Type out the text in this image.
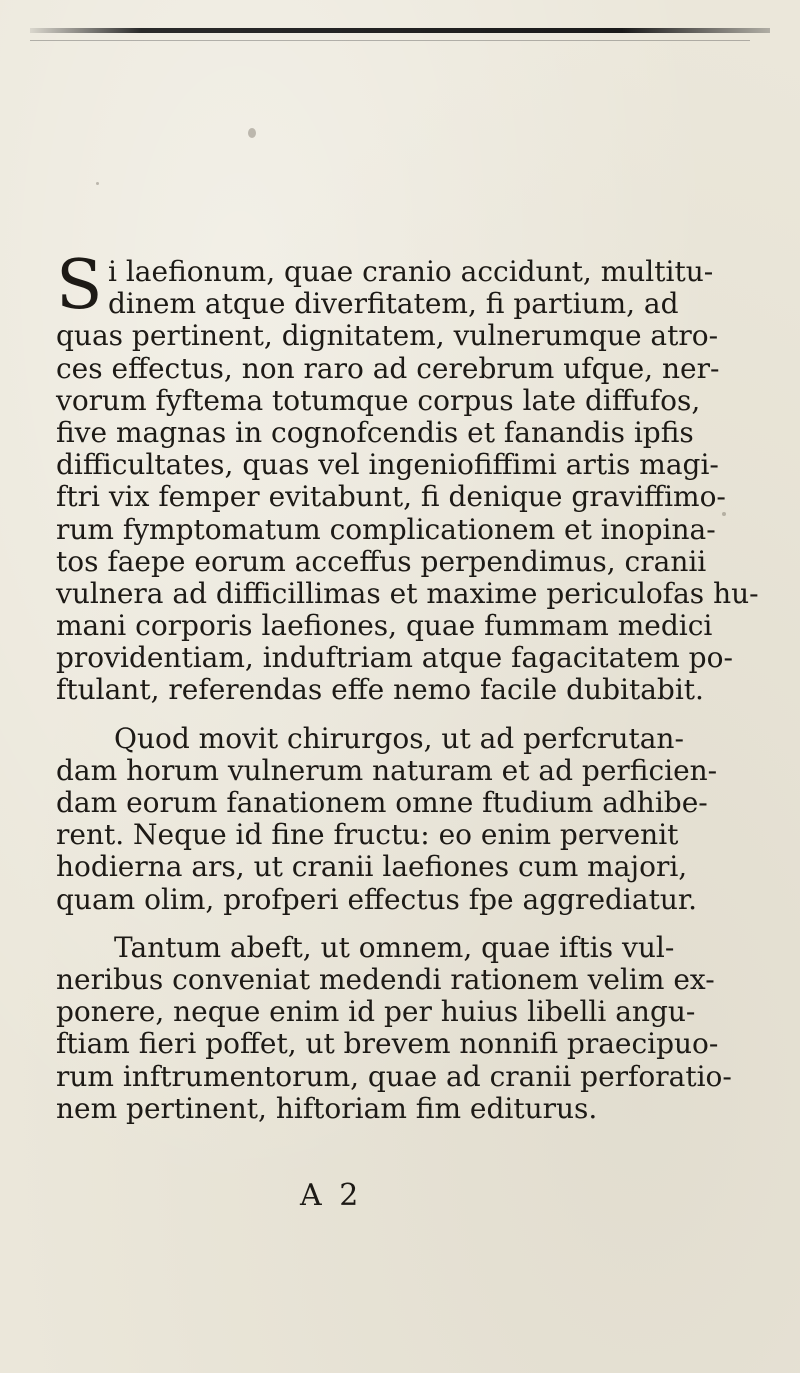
S i laefionum, quae cranio accidunt, multitu-
dinem atque diverfitatem, fi partium, ad
quas pertinent, dignitatem, vulnerumque atro-
ces effectus, non raro ad cerebrum ufque, ner-
vorum fyftema totumque corpus late diffufos,
five magnas in cognofcendis et fanandis ipfis
difficultates, quas vel ingeniofiffimi artis magi-
ftri vix femper evitabunt, fi denique graviffimo-
rum fymptomatum complicationem et inopina-
tos faepe eorum acceffus perpendimus, cranii
vulnera ad difficillimas et maxime periculofas hu-
mani corporis laefiones, quae fummam medici
providentiam, induftriam atque fagacitatem po-
ftulant, referendas effe nemo facile dubitabit.
Quod movit chirurgos, ut ad perfcrutan-
dam horum vulnerum naturam et ad perficien-
dam eorum fanationem omne ftudium adhibe-
rent. Neque id fine fructu: eo enim pervenit
hodierna ars, ut cranii laefiones cum majori,
quam olim, profperi effectus fpe aggrediatur.
Tantum abeft, ut omnem, quae iftis vul-
neribus conveniat medendi rationem velim ex-
ponere, neque enim id per huius libelli angu-
ftiam fieri poffet, ut brevem nonnifi praecipuo-
rum inftrumentorum, quae ad cranii perforatio-
nem pertinent, hiftoriam fim editurus.
A 2
